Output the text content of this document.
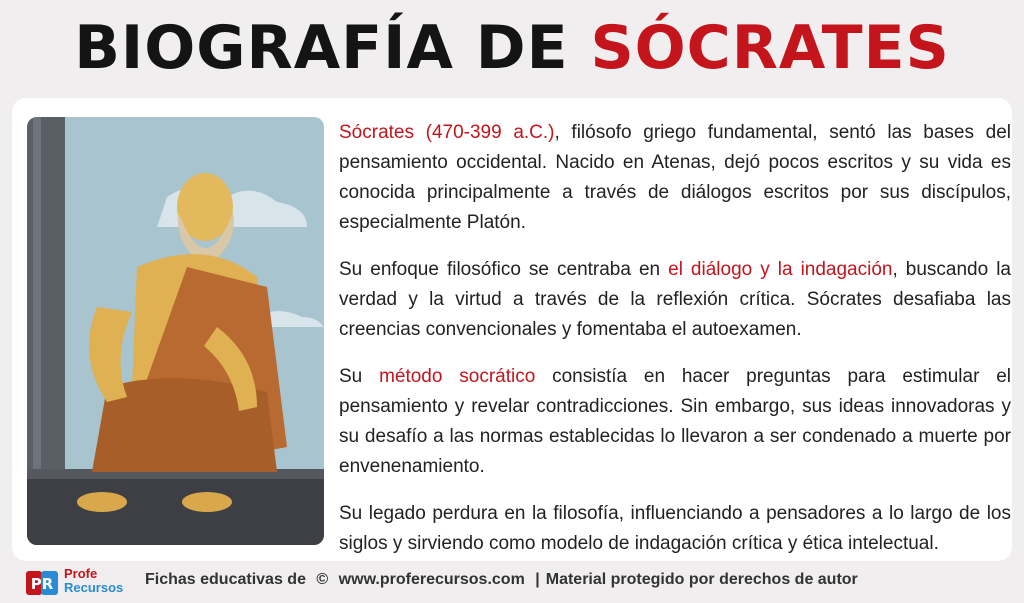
BIOGRAFÍA DE SÓCRATES

Sócrates (470-399 a.C.), filósofo griego fundamental, sentó las bases del pensamiento occidental. Nacido en Atenas, dejó pocos escritos y su vida es conocida principalmente a través de diálogos escritos por sus discípulos, especialmente Platón.

Su enfoque filosófico se centraba en el diálogo y la indagación, buscando la verdad y la virtud a través de la reflexión crítica. Sócrates desafiaba las creencias convencionales y fomentaba el autoexamen.

Su método socrático consistía en hacer preguntas para estimular el pensamiento y revelar contradicciones. Sin embargo, sus ideas innovadoras y su desafío a las normas establecidas lo llevaron a ser condenado a muerte por envenenamiento.

Su legado perdura en la filosofía, influenciando a pensadores a lo largo de los siglos y sirviendo como modelo de indagación crítica y ética intelectual.

PR
Profe
Recursos Fichas educativas de © www.proferecursos.com | Material protegido por derechos de autor
